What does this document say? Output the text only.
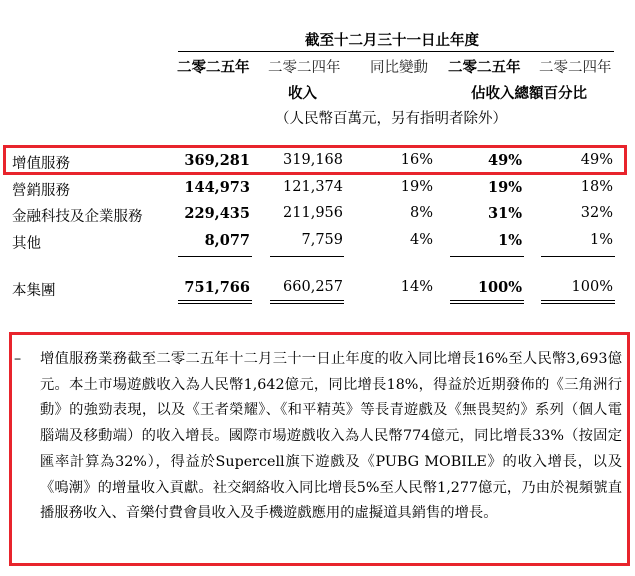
截至十二月三十一日止年度
二零二五年 二零二四年 同比變動 二零二五年 二零二四年
收入	佔收入總額百分比
（人民幣百萬元，另有指明者除外）
增值服務	369,281 319,168	16%	49%	49%
營銷服務	144,973 121,374	19%	19%	18%
金融科技及企業服務	229,435 211,956	8%	31%	32%
其他	8,077	7,759	4%	1%	1%
本集團	751,766 660,257	14%	100%	100%
– 增值服務業務截至二零二五年十二月三十一日止年度的收入同比增長16%至人民幣3,693億元。本土市場遊戲收入為人民幣1,642億元，同比增長18%，得益於近期發佈的《三角洲行動》的強勁表現，以及《王者榮耀》、《和平精英》等長青遊戲及《無畏契約》系列（個人電腦端及移動端）的收入增長。國際市場遊戲收入為人民幣774億元，同比增長33%（按固定匯率計算為32%），得益於Supercell旗下遊戲及《PUBG MOBILE》的收入增長，以及《鳴潮》的增量收入貢獻。社交網絡收入同比增長5%至人民幣1,277億元，乃由於視頻號直播服務收入、音樂付費會員收入及手機遊戲應用的虛擬道具銷售的增長。
